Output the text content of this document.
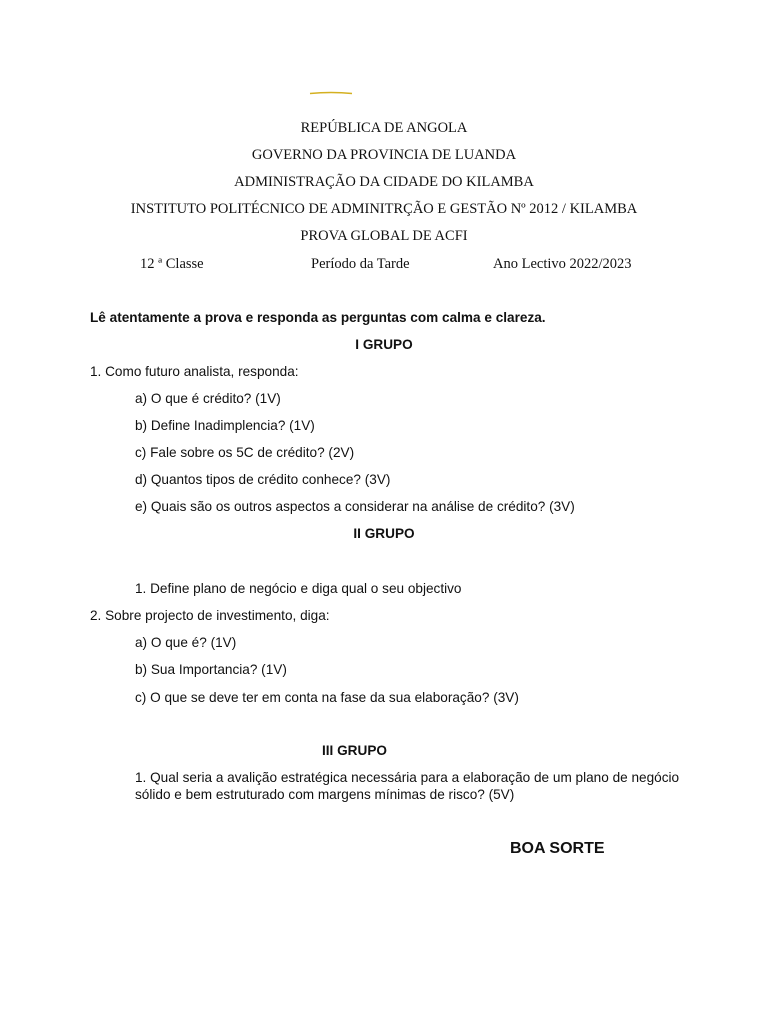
REPÚBLICA DE ANGOLA
GOVERNO DA PROVINCIA DE LUANDA
ADMINISTRAÇÃO DA CIDADE DO KILAMBA
INSTITUTO POLITÉCNICO DE ADMINITRÇÃO E GESTÃO Nº 2012 / KILAMBA
PROVA GLOBAL DE ACFI
12 ª Classe	Período da Tarde	Ano Lectivo 2022/2023
Lê atentamente a prova e responda as perguntas com calma e clareza.
I GRUPO
1. Como futuro analista, responda:
a) O que é crédito? (1V)
b) Define Inadimplencia? (1V)
c) Fale sobre os 5C de crédito? (2V)
d) Quantos tipos de crédito conhece? (3V)
e) Quais são os outros aspectos a considerar na análise de crédito? (3V)
II GRUPO
1. Define plano de negócio e diga qual o seu objectivo
2. Sobre projecto de investimento, diga:
a) O que é? (1V)
b) Sua Importancia? (1V)
c) O que se deve ter em conta na fase da sua elaboração? (3V)
III GRUPO
1. Qual seria a avalição estratégica necessária para a elaboração de um plano de negócio sólido e bem estruturado com margens mínimas de risco? (5V)
BOA SORTE
